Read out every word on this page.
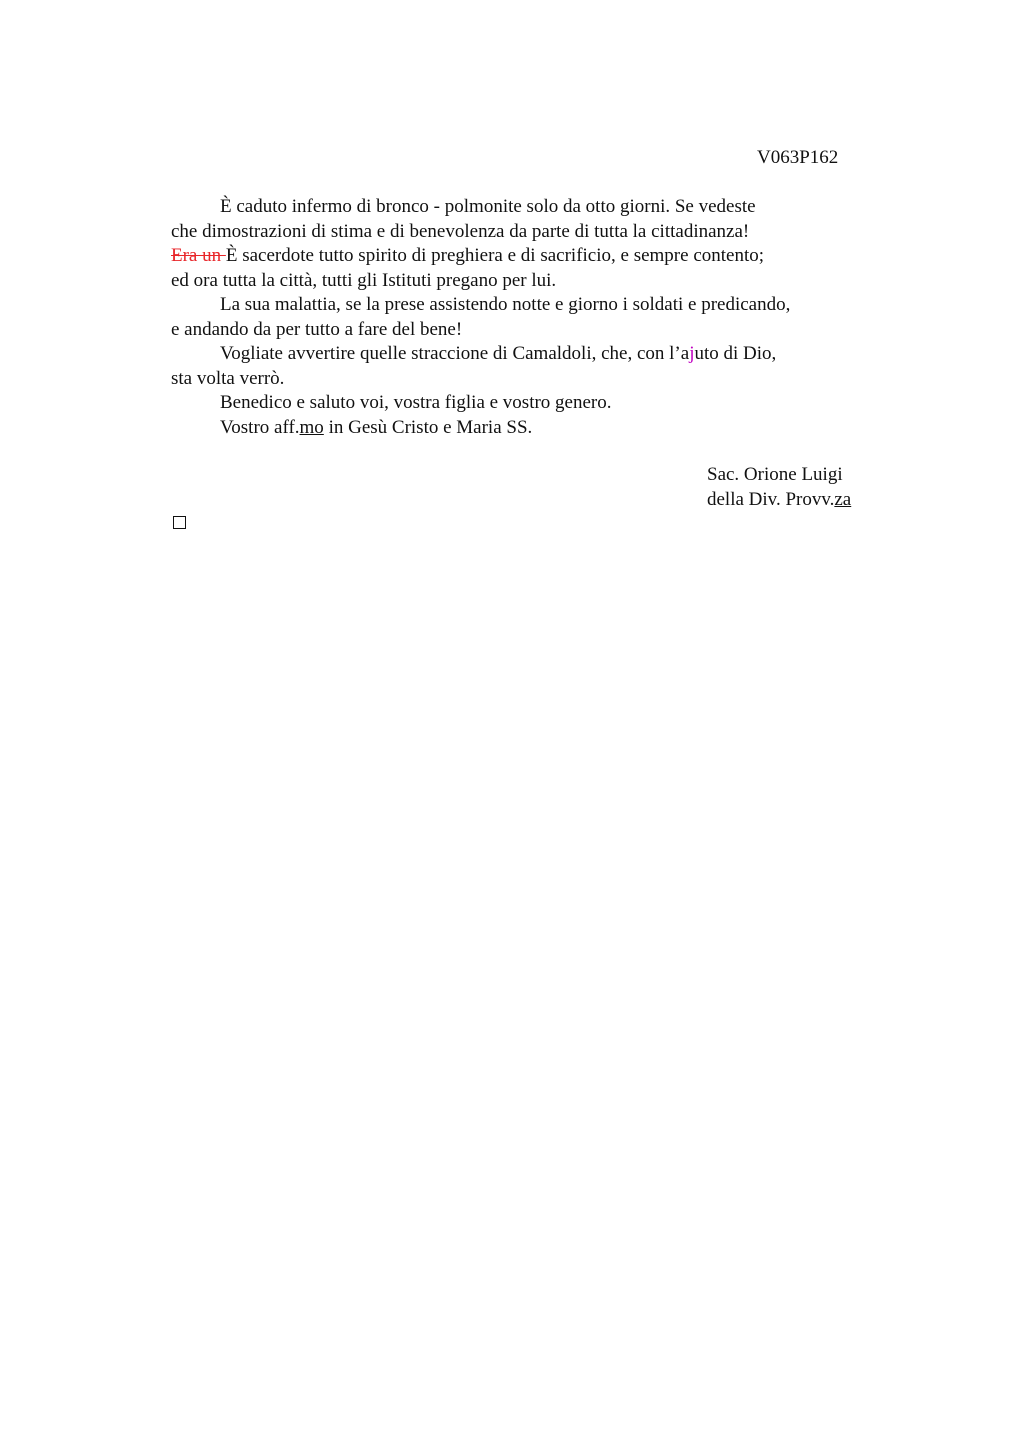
V063P162
È caduto infermo di bronco - polmonite solo da otto giorni. Se vedeste
che dimostrazioni di stima e di benevolenza da parte di tutta la cittadinanza!
Era un È sacerdote tutto spirito di preghiera e di sacrificio, e sempre contento;
ed ora tutta la città, tutti gli Istituti pregano per lui.
La sua malattia, se la prese assistendo notte e giorno i soldati e predicando,
e andando da per tutto a fare del bene!
Vogliate avvertire quelle straccione di Camaldoli, che, con l’ajuto di Dio,
sta volta verrò.
Benedico e saluto voi, vostra figlia e vostro genero.
Vostro aff.mo in Gesù Cristo e Maria SS.
Sac. Orione Luigi
della Div. Provv.za
